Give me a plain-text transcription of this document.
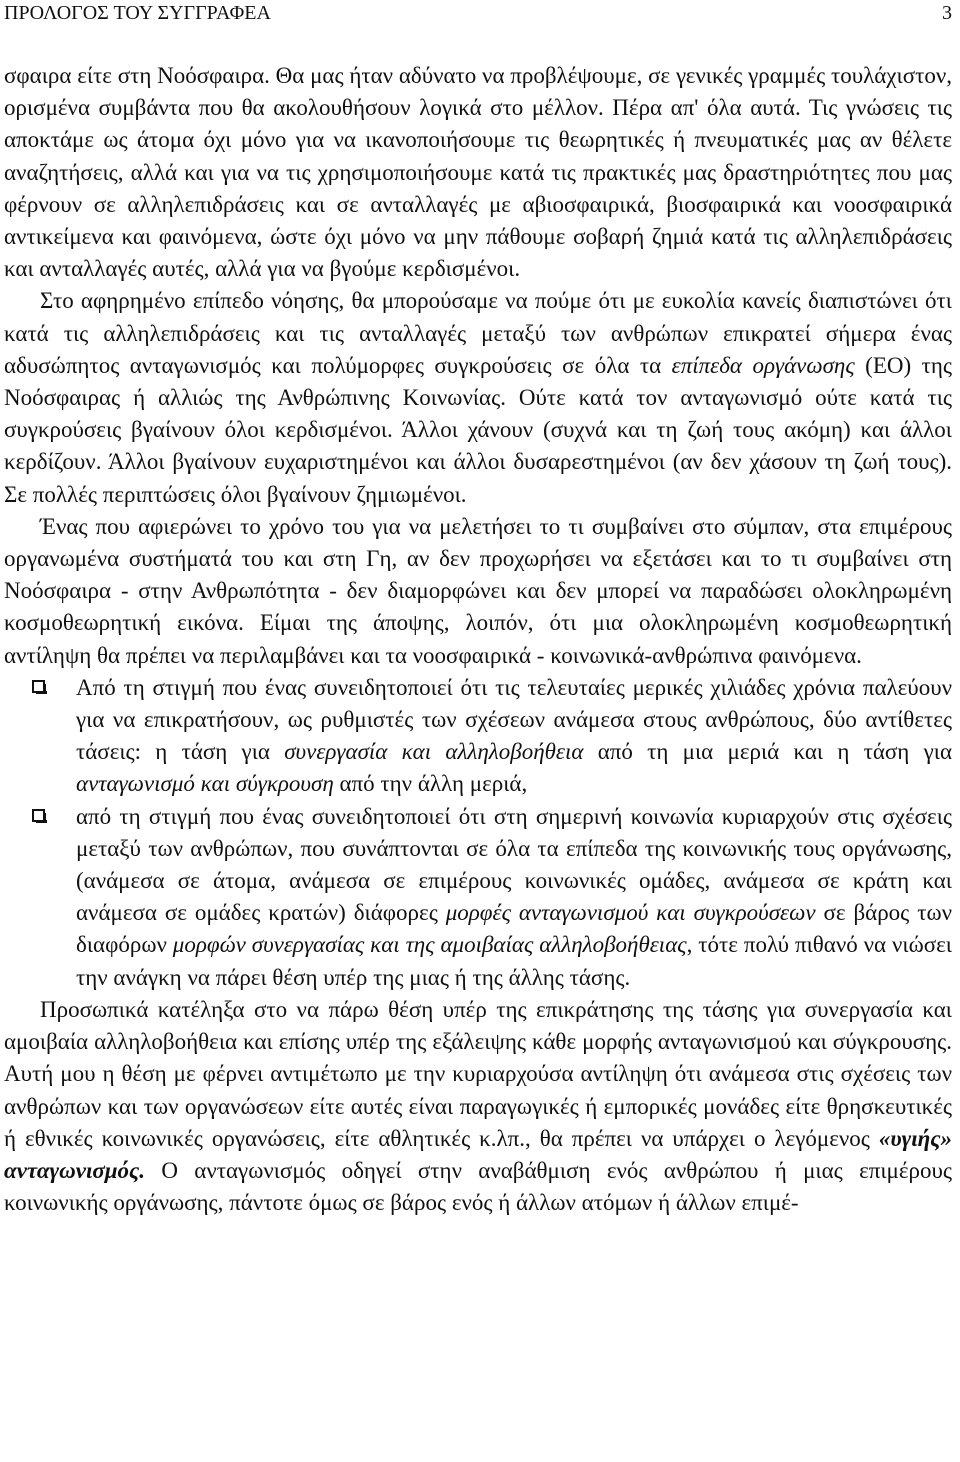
ΠΡΟΛΟΓΟΣ ΤΟΥ ΣΥΓΓΡΑΦΕΑ	3

σφαιρα είτε στη Νοόσφαιρα. Θα μας ήταν αδύνατο να προβλέψουμε, σε γενικές γραμμές τουλάχιστον, ορισμένα συμβάντα που θα ακολουθήσουν λογικά στο μέλλον. Πέρα απ' όλα αυτά. Τις γνώσεις τις αποκτάμε ως άτομα όχι μόνο για να ικανοποιήσουμε τις θεωρητικές ή πνευματικές μας αν θέλετε αναζητήσεις, αλλά και για να τις χρησιμοποιήσουμε κατά τις πρακτικές μας δραστηριότητες που μας φέρνουν σε αλληλεπιδράσεις και σε ανταλλαγές με αβιοσφαιρικά, βιοσφαιρικά και νοοσφαιρικά αντικείμενα και φαινόμενα, ώστε όχι μόνο να μην πάθουμε σοβαρή ζημιά κατά τις αλληλεπιδράσεις και ανταλλαγές αυτές, αλλά για να βγούμε κερδισμένοι.

Στο αφηρημένο επίπεδο νόησης, θα μπορούσαμε να πούμε ότι με ευκολία κανείς διαπιστώνει ότι κατά τις αλληλεπιδράσεις και τις ανταλλαγές μεταξύ των ανθρώπων επικρατεί σήμερα ένας αδυσώπητος ανταγωνισμός και πολύμορφες συγκρούσεις σε όλα τα επίπεδα οργάνωσης (ΕΟ) της Νοόσφαιρας ή αλλιώς της Ανθρώπινης Κοινωνίας. Ούτε κατά τον ανταγωνισμό ούτε κατά τις συγκρούσεις βγαίνουν όλοι κερδισμένοι. Άλλοι χάνουν (συχνά και τη ζωή τους ακόμη) και άλλοι κερδίζουν. Άλλοι βγαίνουν ευχαριστημένοι και άλλοι δυσαρεστημένοι (αν δεν χάσουν τη ζωή τους). Σε πολλές περιπτώσεις όλοι βγαίνουν ζημιωμένοι.

Ένας που αφιερώνει το χρόνο του για να μελετήσει το τι συμβαίνει στο σύμπαν, στα επιμέρους οργανωμένα συστήματά του και στη Γη, αν δεν προχωρήσει να εξετάσει και το τι συμβαίνει στη Νοόσφαιρα - στην Ανθρωπότητα - δεν διαμορφώνει και δεν μπορεί να παραδώσει ολοκληρωμένη κοσμοθεωρητική εικόνα. Είμαι της άποψης, λοιπόν, ότι μια ολοκληρωμένη κοσμοθεωρητική αντίληψη θα πρέπει να περιλαμβάνει και τα νοοσφαιρικά - κοινωνικά-ανθρώπινα φαινόμενα.

Από τη στιγμή που ένας συνειδητοποιεί ότι τις τελευταίες μερικές χιλιάδες χρόνια παλεύουν για να επικρατήσουν, ως ρυθμιστές των σχέσεων ανάμεσα στους ανθρώπους, δύο αντίθετες τάσεις: η τάση για συνεργασία και αλληλοβοήθεια από τη μια μεριά και η τάση για ανταγωνισμό και σύγκρουση από την άλλη μεριά,
από τη στιγμή που ένας συνειδητοποιεί ότι στη σημερινή κοινωνία κυριαρχούν στις σχέσεις μεταξύ των ανθρώπων, που συνάπτονται σε όλα τα επίπεδα της κοινωνικής τους οργάνωσης, (ανάμεσα σε άτομα, ανάμεσα σε επιμέρους κοινωνικές ομάδες, ανάμεσα σε κράτη και ανάμεσα σε ομάδες κρατών) διάφορες μορφές ανταγωνισμού και συγκρούσεων σε βάρος των διαφόρων μορφών συνεργασίας και της αμοιβαίας αλληλοβοήθειας, τότε πολύ πιθανό να νιώσει την ανάγκη να πάρει θέση υπέρ της μιας ή της άλλης τάσης.

Προσωπικά κατέληξα στο να πάρω θέση υπέρ της επικράτησης της τάσης για συνεργασία και αμοιβαία αλληλοβοήθεια και επίσης υπέρ της εξάλειψης κάθε μορφής ανταγωνισμού και σύγκρουσης. Αυτή μου η θέση με φέρνει αντιμέτωπο με την κυριαρχούσα αντίληψη ότι ανάμεσα στις σχέσεις των ανθρώπων και των οργανώσεων είτε αυτές είναι παραγωγικές ή εμπορικές μονάδες είτε θρησκευτικές ή εθνικές κοινωνικές οργανώσεις, είτε αθλητικές κ.λπ., θα πρέπει να υπάρχει ο λεγόμενος «υγιής» ανταγωνισμός. Ο ανταγωνισμός οδηγεί στην αναβάθμιση ενός ανθρώπου ή μιας επιμέρους κοινωνικής οργάνωσης, πάντοτε όμως σε βάρος ενός ή άλλων ατόμων ή άλλων επιμέ-
